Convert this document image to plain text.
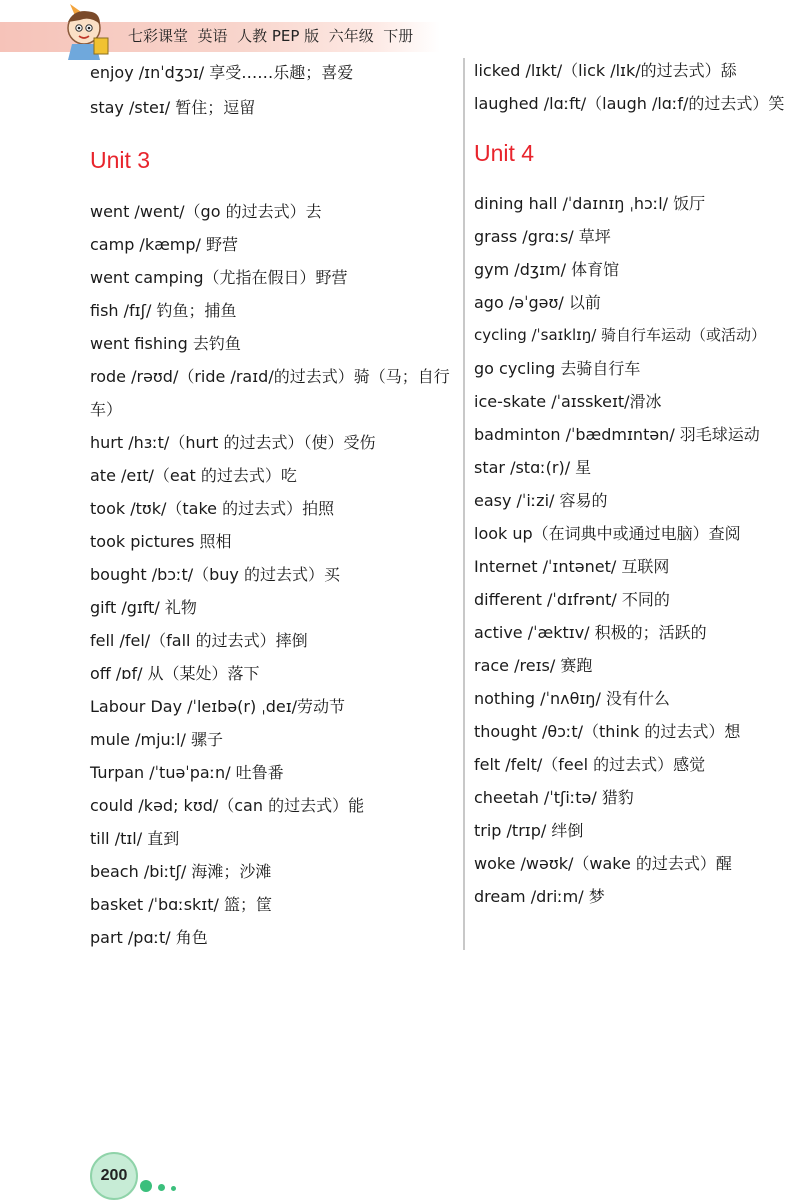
七彩课堂  英语  人教 PEP 版  六年级  下册
enjoy /ɪnˈdʒɔɪ/ 享受……乐趣；喜爱
stay /steɪ/ 暂住；逗留
Unit 3
went /went/（go 的过去式）去
camp /kæmp/ 野营
went camping（尤指在假日）野营
fish /fɪʃ/ 钓鱼；捕鱼
went fishing 去钓鱼
rode /rəʊd/（ride /raɪd/的过去式）骑（马；自行车）
hurt /hɜːt/（hurt 的过去式）（使）受伤
ate /eɪt/（eat 的过去式）吃
took /tʊk/（take 的过去式）拍照
took pictures 照相
bought /bɔːt/（buy 的过去式）买
gift /gɪft/ 礼物
fell /fel/（fall 的过去式）摔倒
off /ɒf/ 从（某处）落下
Labour Day /ˈleɪbə(r) ˌdeɪ/劳动节
mule /mjuːl/ 骡子
Turpan /ˈtuəˈpaːn/ 吐鲁番
could /kəd; kʊd/（can 的过去式）能
till /tɪl/ 直到
beach /biːtʃ/ 海滩；沙滩
basket /ˈbɑːskɪt/ 篮；筐
part /pɑːt/ 角色
licked /lɪkt/（lick /lɪk/的过去式）舔
laughed /lɑːft/（laugh /lɑːf/的过去式）笑
Unit 4
dining hall /ˈdaɪnɪŋ ˌhɔːl/ 饭厅
grass /grɑːs/ 草坪
gym /dʒɪm/ 体育馆
ago /əˈgəʊ/ 以前
cycling /ˈsaɪklɪŋ/ 骑自行车运动（或活动）
go cycling 去骑自行车
ice-skate /ˈaɪsskeɪt/滑冰
badminton /ˈbædmɪntən/ 羽毛球运动
star /stɑː(r)/ 星
easy /ˈiːzi/ 容易的
look up（在词典中或通过电脑）查阅
Internet /ˈɪntənet/ 互联网
different /ˈdɪfrənt/ 不同的
active /ˈæktɪv/ 积极的；活跃的
race /reɪs/ 赛跑
nothing /ˈnʌθɪŋ/ 没有什么
thought /θɔːt/（think 的过去式）想
felt /felt/（feel 的过去式）感觉
cheetah /ˈtʃiːtə/ 猎豹
trip /trɪp/ 绊倒
woke /wəʊk/（wake 的过去式）醒
dream /driːm/ 梦
200
